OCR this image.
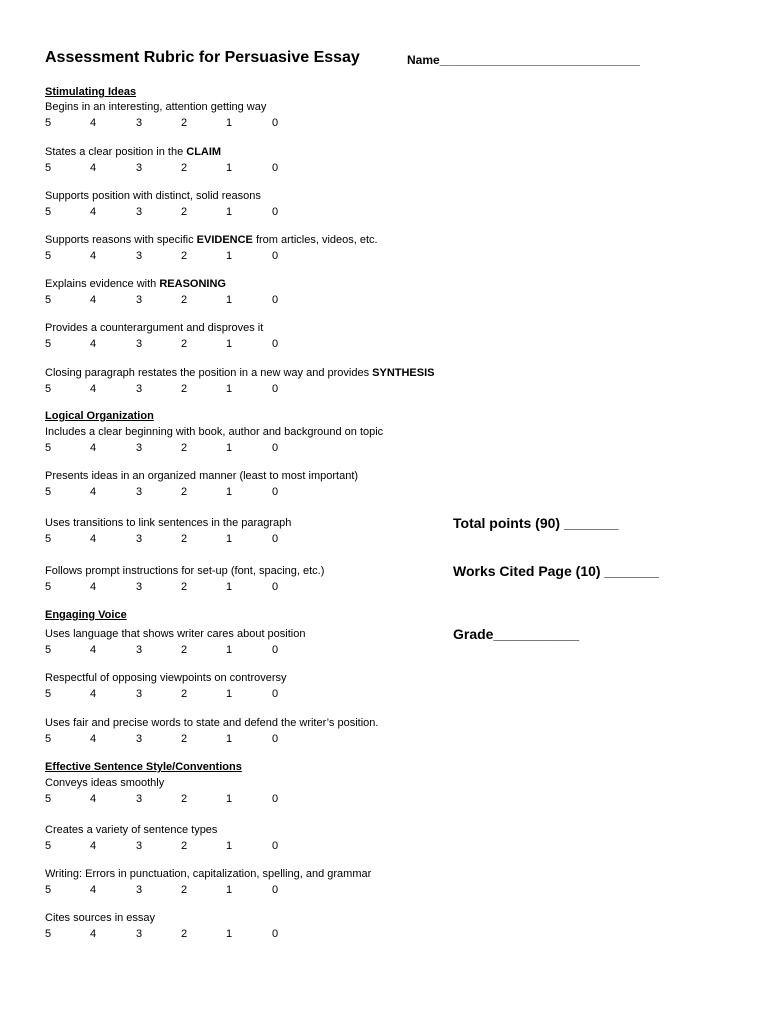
Assessment Rubric for Persuasive Essay	Name______________________________
Stimulating Ideas
Begins in an interesting, attention getting way
5	4	3	2	1	0
States a clear position in the CLAIM
5	4	3	2	1	0
Supports position with distinct, solid reasons
5	4	3	2	1	0
Supports reasons with specific EVIDENCE from articles, videos, etc.
5	4	3	2	1	0
Explains evidence with REASONING
5	4	3	2	1	0
Provides a counterargument and disproves it
5	4	3	2	1	0
Closing paragraph restates the position in a new way and provides SYNTHESIS
5	4	3	2	1	0
Logical Organization
Includes a clear beginning with book, author and background on topic
5	4	3	2	1	0
Presents ideas in an organized manner (least to most important)
5	4	3	2	1	0
Uses transitions to link sentences in the paragraph
5	4	3	2	1	0
Follows prompt instructions for set-up (font, spacing, etc.)
5	4	3	2	1	0
Engaging Voice
Uses language that shows writer cares about position
5	4	3	2	1	0
Respectful of opposing viewpoints on controversy
5	4	3	2	1	0
Uses fair and precise words to state and defend the writer’s position.
5	4	3	2	1	0
Effective Sentence Style/Conventions
Conveys ideas smoothly
5	4	3	2	1	0
Creates a variety of sentence types
5	4	3	2	1	0
Writing: Errors in punctuation, capitalization, spelling, and grammar
5	4	3	2	1	0
Cites sources in essay
5	4	3	2	1	0
Total points (90) _______
Works Cited Page (10) _______
Grade___________
